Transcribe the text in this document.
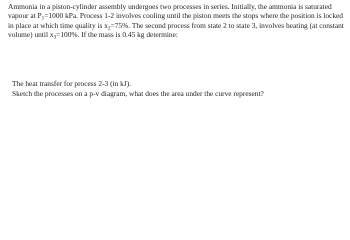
Ammonia in a piston-cylinder assembly undergoes two processes in series. Initially, the ammonia is saturated vapour at $P_1=1000$ kPa. Process 1-2 involves cooling until the piston meets the stops where the position is locked in place at which time quality is $x_2=75\%$. The second process from state 2 to state 3, involves heating (at constant volume) until $x_3=100\%$. If the mass is 0.45 kg determine:

The heat transfer for process 2-3 (in kJ).
Sketch the processes on a p-v diagram, what does the area under the curve represent?
